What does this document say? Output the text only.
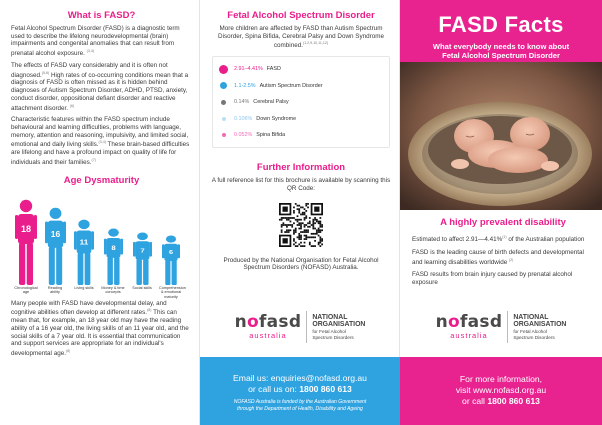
What is FASD?

Fetal Alcohol Spectrum Disorder (FASD) is a diagnostic term used to describe the lifelong neurodevelopmental (brain) impairments and congenital anomalies that can result from prenatal alcohol exposure. $^{(3,4)}$

The effects of FASD vary considerably and it is often not diagnosed.$^{(5,6)}$ High rates of co-occurring conditions mean that a diagnosis of FASD is often missed as it is hidden behind diagnoses of Autism Spectrum Disorder, ADHD, PTSD, anxiety, conduct disorder, oppositional defiant disorder and reactive attachment disorder. $^{(6)}$

Characteristic features within the FASD spectrum include behavioural and learning difficulties, problems with language, memory, attention and reasoning, impulsivity, and limited social, emotional and daily living skills.$^{(3,4)}$ These brain-based difficulties are lifelong and have a profound impact on quality of life for individuals and their families.$^{(7)}$

Age Dysmaturity
18
Chronological age
16
Reading ability
11
Living skills
8
Money & time concepts
7
Social skills
6
Comprehension & emotional maturity

Many people with FASD have developmental delay, and cognitive abilities often develop at different rates.$^{(8)}$ This can mean that, for example, an 18 year old may have the reading ability of a 16 year old, the living skills of an 11 year old, and the social skills of a 7 year old. It is essential that communication and support services are appropriate for an individual's developmental age.$^{(8)}$

Fetal Alcohol Spectrum Disorder

More children are affected by FASD than Autism Spectrum Disorder, Spina Bifida, Cerebral Palsy and Down Syndrome combined.$^{(1,2,9,10,11,12)}$

2.91–4.41% FASD
1.1-2.5% Autism Spectrum Disorder
0.14% Cerebral Palsy
0.106% Down Syndrome
0.052% Spina Bifida
Further Information

A full reference list for this brochure is available by scanning this QR Code:

Produced by the National Organisation for Fetal Alcohol Spectrum Disorders (NOFASD) Australia.

nofasd
australia
NATIONAL
ORGANISATION
for Fetal Alcohol
Spectrum Disorders
Email us: enquiries@nofasd.org.au
or call us on: 1800 860 613
NOFASD Australia is funded by the Australian Government
through the Department of Health, Disability and Ageing
FASD Facts
What everybody needs to know about
Fetal Alcohol Spectrum Disorder
A highly prevalent disability

Estimated to affect 2.91—4.41%$^{(1)}$ of the Australian population

FASD is the leading cause of birth defects and developmental and learning disabilities worldwide $^{(2)}$

FASD results from brain injury caused by prenatal alcohol exposure

nofasd
australia
NATIONAL
ORGANISATION
for Fetal Alcohol
Spectrum Disorders
For more information,
visit www.nofasd.org.au
or call 1800 860 613
